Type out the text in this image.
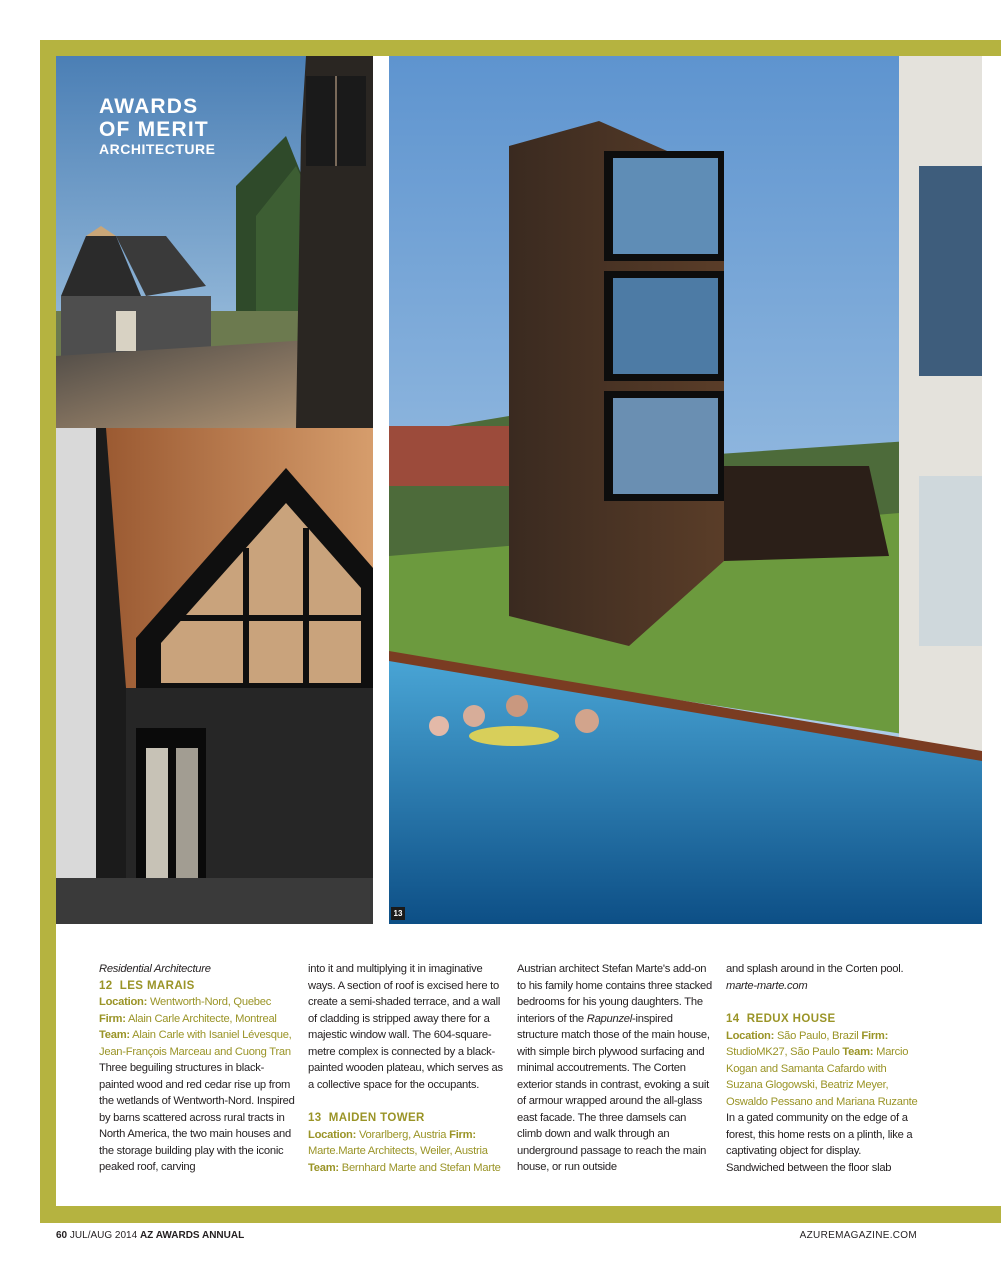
13
AWARDS
OF MERIT
ARCHITECTURE

Residential Architecture

12 LES MARAIS

Location: Wentworth-Nord, Quebec

Firm: Alain Carle Architecte, Montreal

Team: Alain Carle with Isaniel Lévesque, Jean-François Marceau and Cuong Tran

Three beguiling structures in black-painted wood and red cedar rise up from the wetlands of Wentworth-Nord. Inspired by barns scattered across rural tracts in North America, the two main houses and the storage building play with the iconic peaked roof, carving

into it and multiplying it in imaginative ways. A section of roof is excised here to create a semi-shaded terrace, and a wall of cladding is stripped away there for a majestic window wall. The 604-square-metre complex is connected by a black-painted wooden plateau, which serves as a collective space for the occupants.

13 MAIDEN TOWER

Location: Vorarlberg, Austria Firm: Marte.Marte Architects, Weiler, Austria

Team: Bernhard Marte and Stefan Marte

Austrian architect Stefan Marte's add-on to his family home contains three stacked bedrooms for his young daughters. The interiors of the Rapunzel-inspired structure match those of the main house, with simple birch plywood surfacing and minimal accoutrements. The Corten exterior stands in contrast, evoking a suit of armour wrapped around the all-glass east facade. The three damsels can climb down and walk through an underground passage to reach the main house, or run outside

and splash around in the Corten pool.

marte-marte.com

14 REDUX HOUSE

Location: São Paulo, Brazil Firm: StudioMK27, São Paulo Team: Marcio Kogan and Samanta Cafardo with Suzana Glogowski, Beatriz Meyer, Oswaldo Pessano and Mariana Ruzante

In a gated community on the edge of a forest, this home rests on a plinth, like a captivating object for display. Sandwiched between the floor slab

60 JUL/AUG 2014 AZ AWARDS ANNUAL	AZUREMAGAZINE.COM
